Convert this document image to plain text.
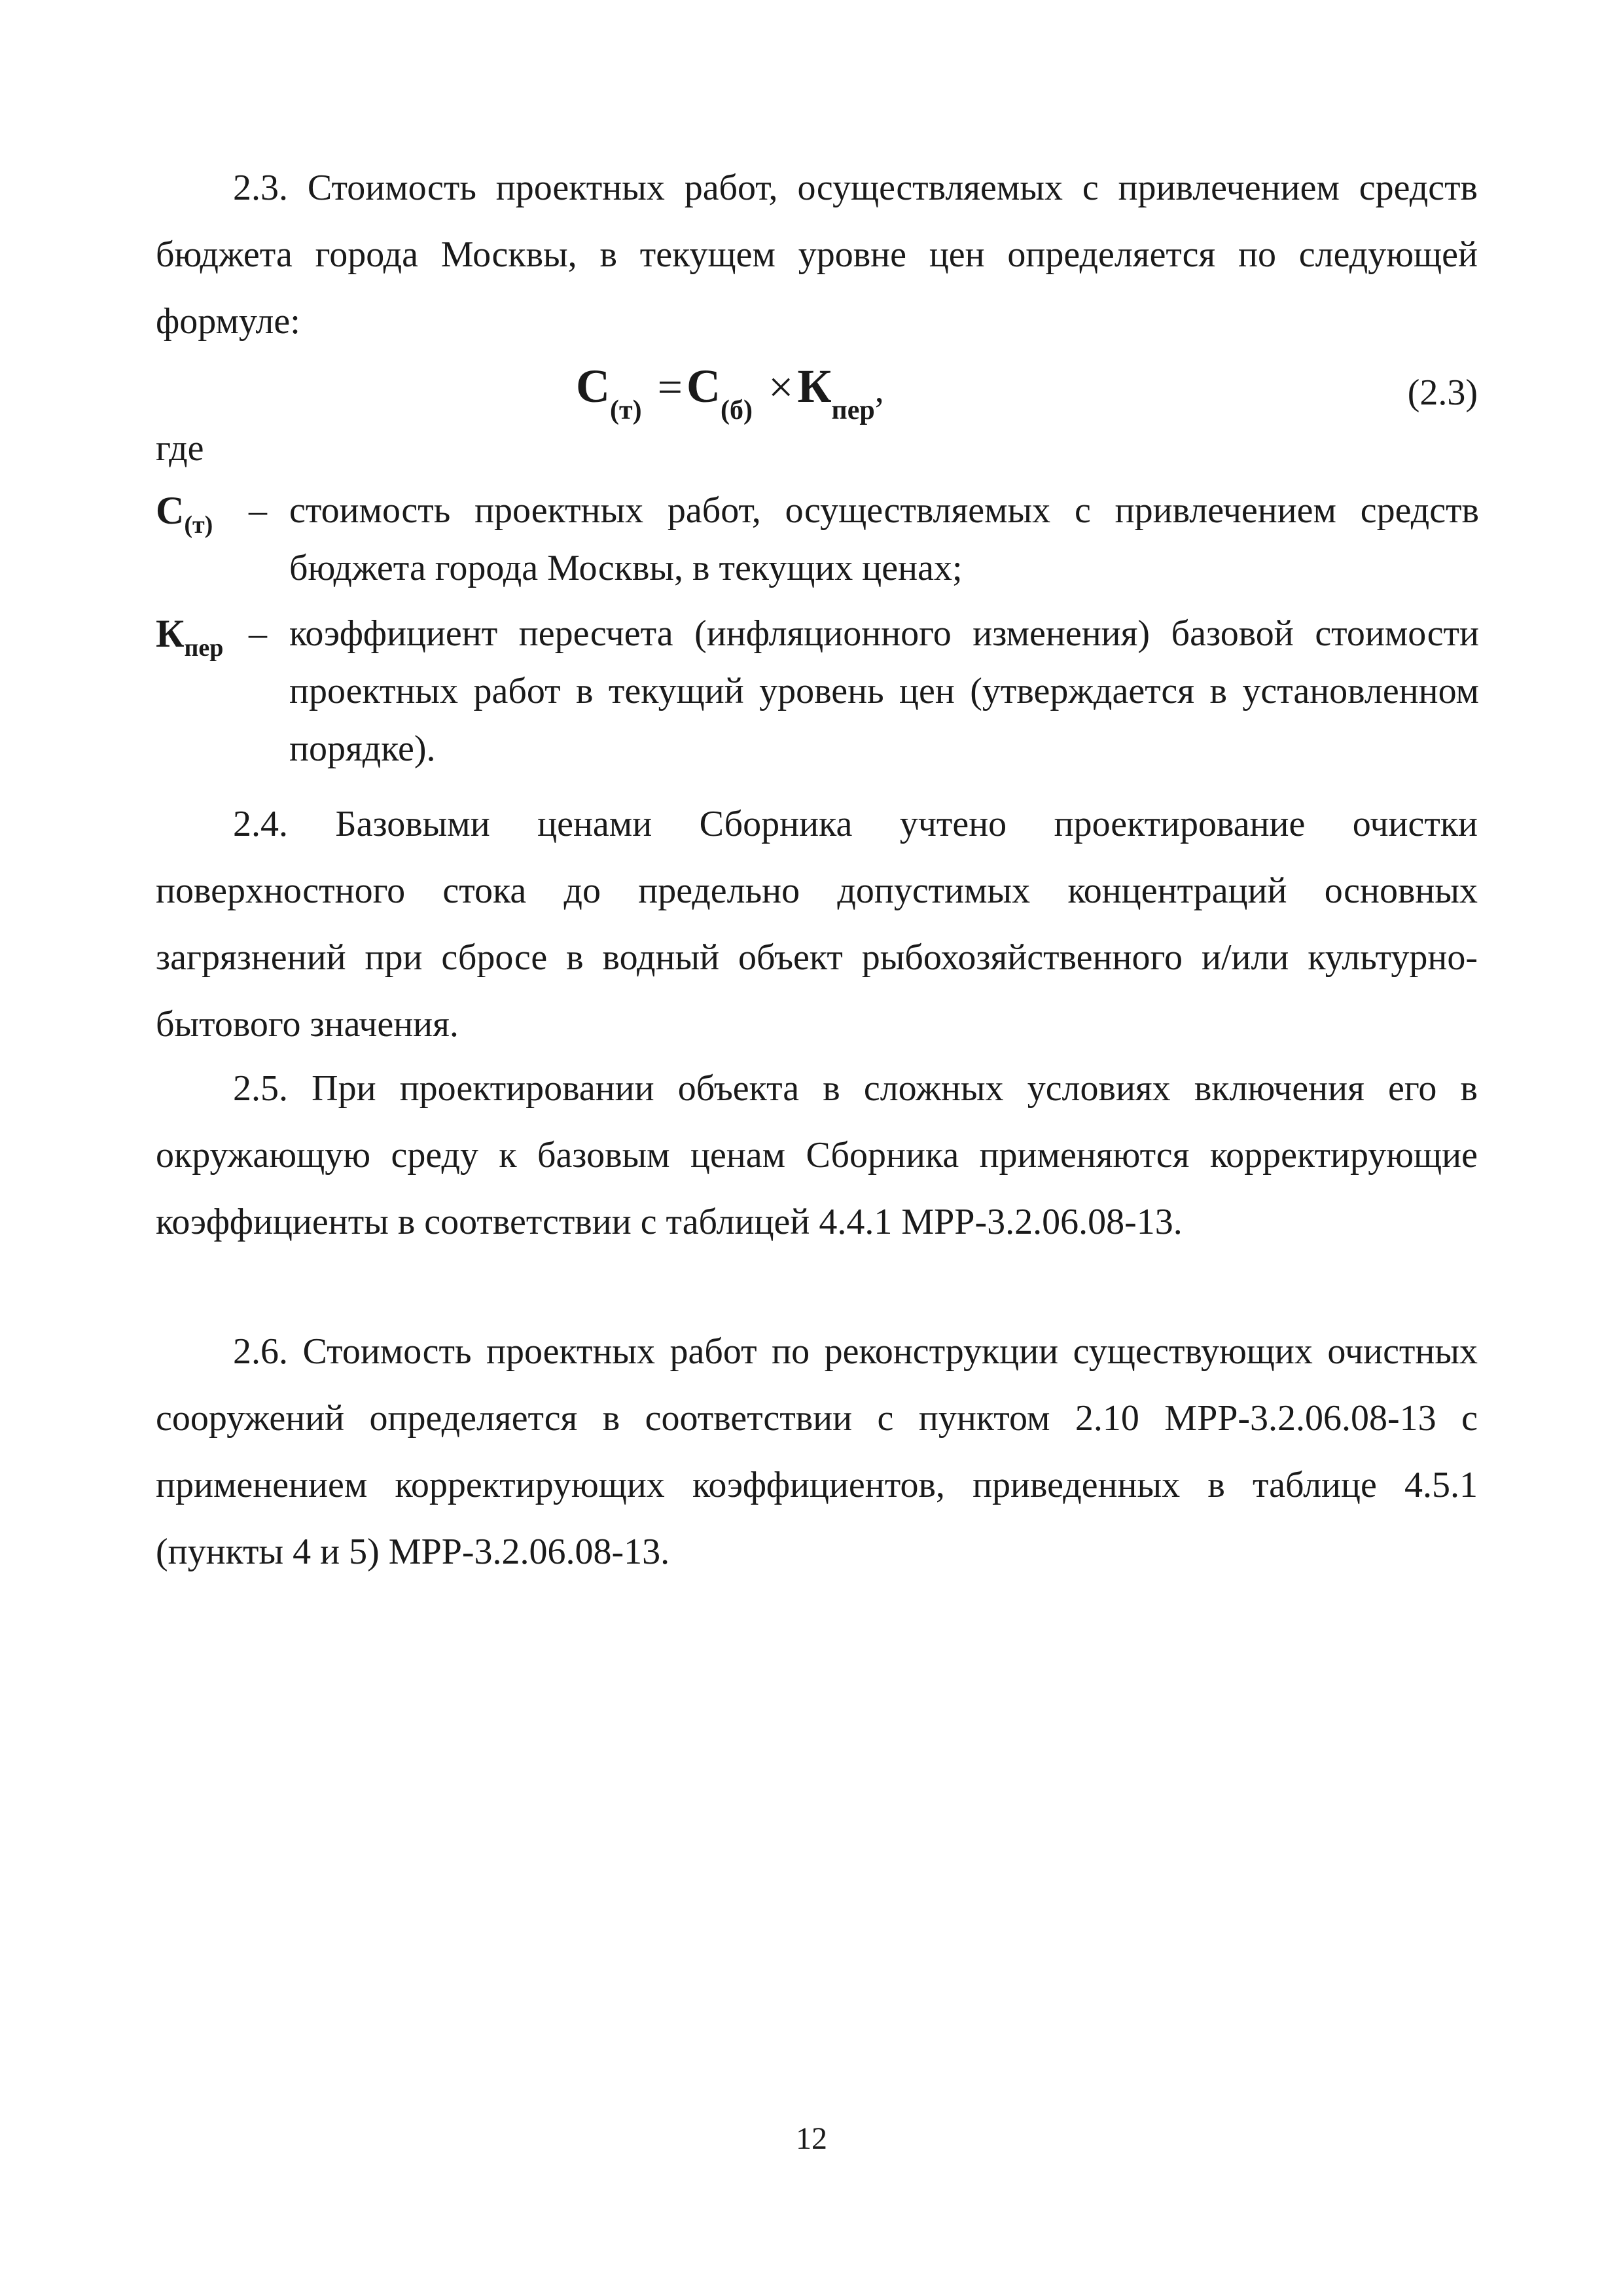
2.3. Стоимость проектных работ, осуществляемых с привлечением средств бюджета города Москвы, в текущем уровне цен определяется по следующей формуле:

$С_{(т)} =С_{(б)} \times К_{пер}$,	(2.3)

где

$С_{(т)}$ – стоимость проектных работ, осуществляемых с привлечением средств бюджета города Москвы, в текущих ценах;

$К_{пер}$ – коэффициент пересчета (инфляционного изменения) базовой стоимости проектных работ в текущий уровень цен (утверждается в установленном порядке).

2.4. Базовыми ценами Сборника учтено проектирование очистки поверхностного стока до предельно допустимых концентраций основных загрязнений при сбросе в водный объект рыбохозяйственного и/или культурно-бытового значения.

2.5. При проектировании объекта в сложных условиях включения его в окружающую среду к базовым ценам Сборника применяются корректирующие коэффициенты в соответствии с таблицей 4.4.1 МРР-3.2.06.08-13.

2.6. Стоимость проектных работ по реконструкции существующих очистных сооружений определяется в соответствии с пунктом 2.10 МРР-3.2.06.08-13 с применением корректирующих коэффициентов, приведенных в таблице 4.5.1 (пункты 4 и 5) МРР-3.2.06.08-13.

12
